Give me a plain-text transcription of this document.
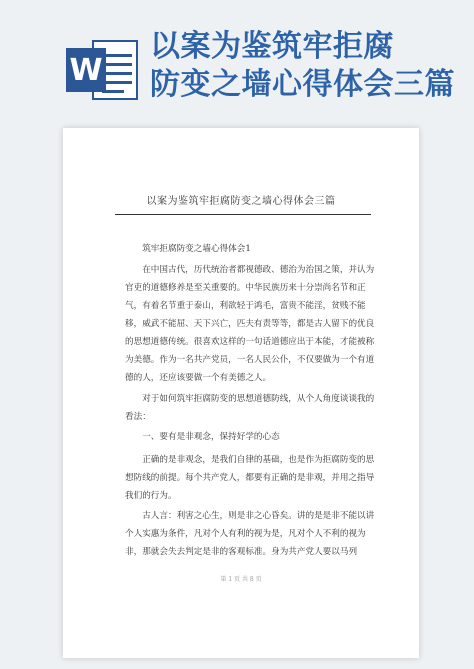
W
以案为鉴筑牢拒腐
防变之墙心得体会三篇
以案为鉴筑牢拒腐防变之墙心得体会三篇

筑牢拒腐防变之墙心得体会1

在中国古代，历代统治者都视德政、德治为治国之策，并认为官吏的道德修养是至关重要的。中华民族历来十分崇尚名节和正气，有着名节重于泰山，利欲轻于鸿毛，富贵不能淫，贫贱不能移，威武不能屈、天下兴亡，匹夫有责等等，都是古人留下的优良的思想道德传统。很喜欢这样的一句话道德应出于本能，才能被称为美德。作为一名共产党员，一名人民公仆，不仅要做为一个有道德的人，还应该要做一个有美德之人。

对于如何筑牢拒腐防变的思想道德防线，从个人角度谈谈我的看法：

一、要有是非观念，保持好学的心态

正确的是非观念，是我们自律的基础，也是作为拒腐防变的思想防线的前提。每个共产党人，都要有正确的是非观，并用之指导我们的行为。

古人言：利害之心生，则是非之心昏矣。讲的是是非不能以讲个人实惠为条件，凡对个人有利的视为是，凡对个人不利的视为非，那就会失去判定是非的客观标准。身为共产党人要以马列

第 1 页 共 8 页
